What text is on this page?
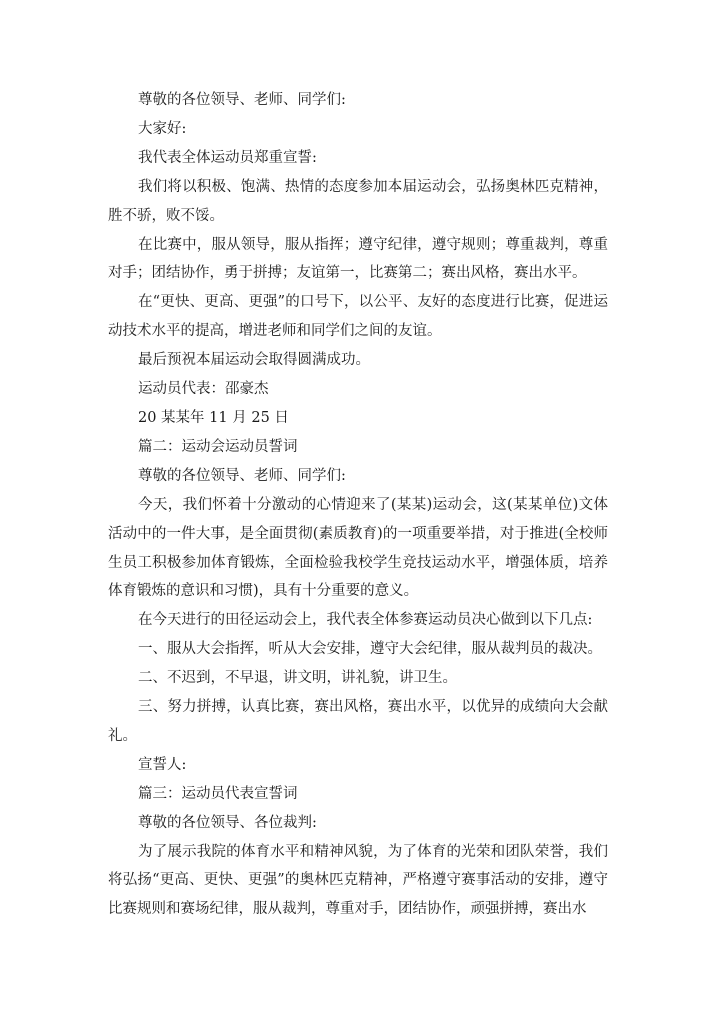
尊敬的各位领导、老师、同学们:

大家好:

我代表全体运动员郑重宣誓:

我们将以积极、饱满、热情的态度参加本届运动会，弘扬奥林匹克精神，胜不骄，败不馁。

在比赛中，服从领导，服从指挥；遵守纪律，遵守规则；尊重裁判，尊重对手；团结协作，勇于拼搏；友谊第一，比赛第二；赛出风格，赛出水平。

在“更快、更高、更强”的口号下，以公平、友好的态度进行比赛，促进运动技术水平的提高，增进老师和同学们之间的友谊。

最后预祝本届运动会取得圆满成功。

运动员代表：邵豪杰

20 某某年 11 月 25 日

篇二：运动会运动员誓词

尊敬的各位领导、老师、同学们:

今天，我们怀着十分激动的心情迎来了(某某)运动会，这(某某单位)文体活动中的一件大事，是全面贯彻(素质教育)的一项重要举措，对于推进(全校师生员工积极参加体育锻炼，全面检验我校学生竞技运动水平，增强体质，培养体育锻炼的意识和习惯)，具有十分重要的意义。

在今天进行的田径运动会上，我代表全体参赛运动员决心做到以下几点:

一、服从大会指挥，听从大会安排，遵守大会纪律，服从裁判员的裁决。

二、不迟到，不早退，讲文明，讲礼貌，讲卫生。

三、努力拼搏，认真比赛，赛出风格，赛出水平，以优异的成绩向大会献礼。

宣誓人:

篇三：运动员代表宣誓词

尊敬的各位领导、各位裁判:

为了展示我院的体育水平和精神风貌，为了体育的光荣和团队荣誉，我们将弘扬“更高、更快、更强”的奥林匹克精神，严格遵守赛事活动的安排，遵守比赛规则和赛场纪律，服从裁判，尊重对手，团结协作，顽强拼搏，赛出水
